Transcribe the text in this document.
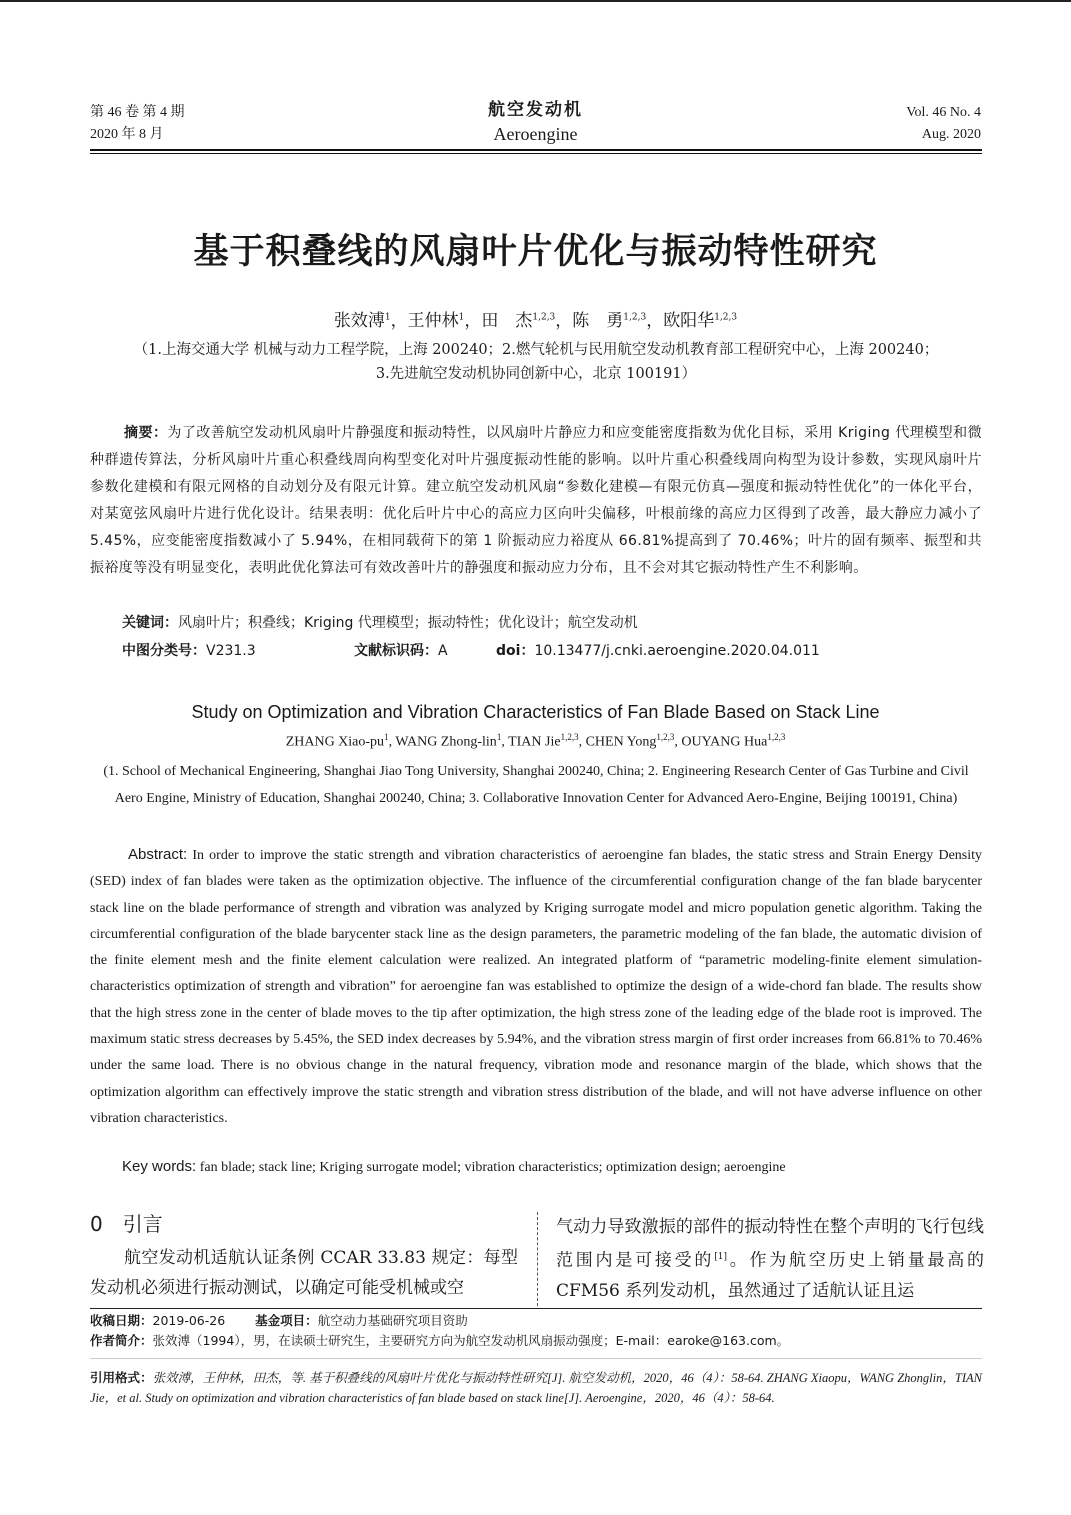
第 46 卷 第 4 期
2020 年 8 月
航空发动机
Aeroengine
Vol. 46 No. 4
Aug. 2020
基于积叠线的风扇叶片优化与振动特性研究
张效溥$^1$，王仲林$^1$，田　杰$^{1,2,3}$，陈　勇$^{1,2,3}$，欧阳华$^{1,2,3}$
（1.上海交通大学 机械与动力工程学院，上海 200240；2.燃气轮机与民用航空发动机教育部工程研究中心，上海 200240；
3.先进航空发动机协同创新中心，北京 100191）
摘要：为了改善航空发动机风扇叶片静强度和振动特性，以风扇叶片静应力和应变能密度指数为优化目标，采用 Kriging 代理模型和微种群遗传算法，分析风扇叶片重心积叠线周向构型变化对叶片强度振动性能的影响。以叶片重心积叠线周向构型为设计参数，实现风扇叶片参数化建模和有限元网格的自动划分及有限元计算。建立航空发动机风扇“参数化建模—有限元仿真—强度和振动特性优化”的一体化平台，对某宽弦风扇叶片进行优化设计。结果表明：优化后叶片中心的高应力区向叶尖偏移，叶根前缘的高应力区得到了改善，最大静应力减小了 5.45%，应变能密度指数减小了 5.94%，在相同载荷下的第 1 阶振动应力裕度从 66.81%提高到了 70.46%；叶片的固有频率、振型和共振裕度等没有明显变化，表明此优化算法可有效改善叶片的静强度和振动应力分布，且不会对其它振动特性产生不利影响。
关键词：风扇叶片；积叠线；Kriging 代理模型；振动特性；优化设计；航空发动机
中图分类号：V231.3	文献标识码：A	doi：10.13477/j.cnki.aeroengine.2020.04.011
Study on Optimization and Vibration Characteristics of Fan Blade Based on Stack Line
ZHANG Xiao-$pu^1$, WANG Zhong-lin$^1$, TIAN Jie$^{1,2,3}$, CHEN Yong$^{1,2,3}$, OUYANG Hua$^{1,2,3}$
(1. School of Mechanical Engineering, Shanghai Jiao Tong University, Shanghai 200240, China; 2. Engineering Research Center of Gas Turbine and Civil Aero Engine, Ministry of Education, Shanghai 200240, China; 3. Collaborative Innovation Center for Advanced Aero-Engine, Beijing 100191, China)
Abstract: In order to improve the static strength and vibration characteristics of aeroengine fan blades, the static stress and Strain Energy Density (SED) index of fan blades were taken as the optimization objective. The influence of the circumferential configuration change of the fan blade barycenter stack line on the blade performance of strength and vibration was analyzed by Kriging surrogate model and micro population genetic algorithm. Taking the circumferential configuration of the blade barycenter stack line as the design parameters, the parametric modeling of the fan blade, the automatic division of the finite element mesh and the finite element calculation were realized. An integrated platform of “parametric modeling-finite element simulation- characteristics optimization of strength and vibration” for aeroengine fan was established to optimize the design of a wide-chord fan blade. The results show that the high stress zone in the center of blade moves to the tip after optimization, the high stress zone of the leading edge of the blade root is improved. The maximum static stress decreases by 5.45%, the SED index decreases by 5.94%, and the vibration stress margin of first order increases from 66.81% to 70.46% under the same load. There is no obvious change in the natural frequency, vibration mode and resonance margin of the blade, which shows that the optimization algorithm can effectively improve the static strength and vibration stress distribution of the blade, and will not have adverse influence on other vibration characteristics.
Key words: fan blade; stack line; Kriging surrogate model; vibration characteristics; optimization design; aeroengine
0 引言
航空发动机适航认证条例 CCAR 33.83 规定：每型发动机必须进行振动测试，以确定可能受机械或空
气动力导致激振的部件的振动特性在整个声明的飞行包线范围内是可接受的[1]。作为航空历史上销量最高的 CFM56 系列发动机，虽然通过了适航认证且运
收稿日期：2019-06-26 基金项目：航空动力基础研究项目资助
作者简介：张效溥（1994），男，在读硕士研究生，主要研究方向为航空发动机风扇振动强度；E-mail：earoke@163.com。
引用格式：张效溥，王仲林，田杰，等. 基于积叠线的风扇叶片优化与振动特性研究[J]. 航空发动机，2020，46（4）：58-64. ZHANG Xiaopu，WANG Zhonglin，TIAN Jie，et al. Study on optimization and vibration characteristics of fan blade based on stack line[J]. Aeroengine，2020，46（4）：58-64.
